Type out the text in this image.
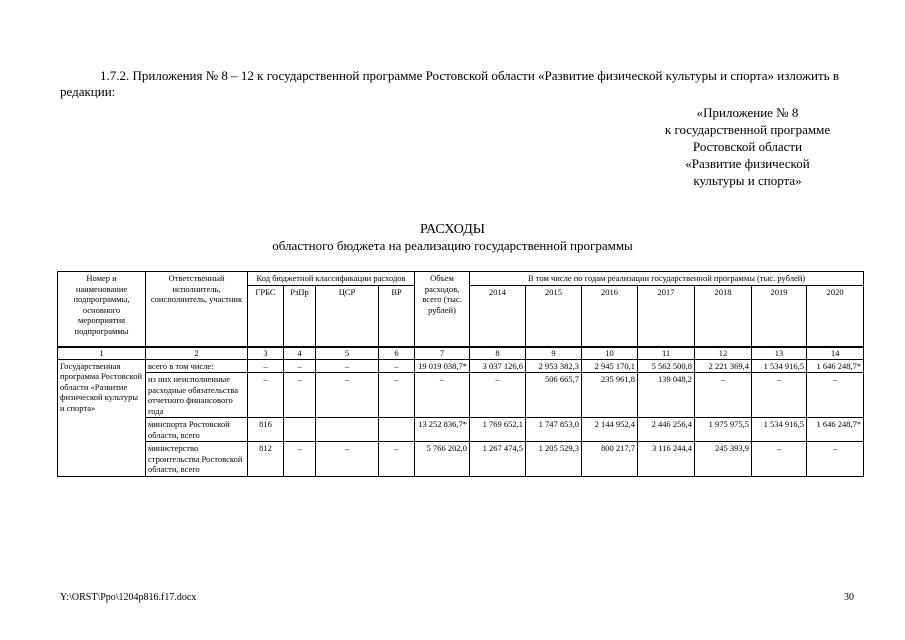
1.7.2. Приложения № 8 – 12 к государственной программе Ростовской области «Развитие физической культуры и спорта» изложить в редакции:
«Приложение № 8
к государственной программе
Ростовской области
«Развитие физической
культуры и спорта»
РАСХОДЫ
областного бюджета на реализацию государственной программы
Номер и наименование подпрограммы, основного мероприятия подпрограммы	Ответственный исполнитель, соисполнитель, участник	Код бюджетной классификации расходов				Объем расходов, всего (тыс. рублей)	В том числе по годам реализации государственной программы (тыс. рублей)						
		ГРБС	РзПр	ЦСР	ВР		2014	2015	2016	2017	2018	2019	2020
1	2	3	4	5	6	7	8	9	10	11	12	13	14
Государственная программа Ростовской области «Развитие физической культуры и спорта»	всего в том числе:	–	–	–	–	19 019 038,7*	3 037 126,6	2 953 382,3	2 945 170,1	5 562 500,8	2 221 369,4	1 534 916,5	1 646 248,7*
	из них неисполненные расходные обязательства отчетного финансового года	–	–	–	–	–	–	506 665,7	235 961,8	139 048,2	–	–	–
	минспорта Ростовской области, всего	816				13 252 836,7*	1 769 652,1	1 747 853,0	2 144 952,4	2 446 256,4	1 975 975,5	1 534 916,5	1 646 248,7*
	министерство строительства Ростовской области, всего	812	–	–	–	5 766 202,0	1 267 474,5	1 205 529,3	800 217,7	3 116 244,4	245 393,9	–	–
Y:\ORST\Ppo\1204p816.f17.docx	30
